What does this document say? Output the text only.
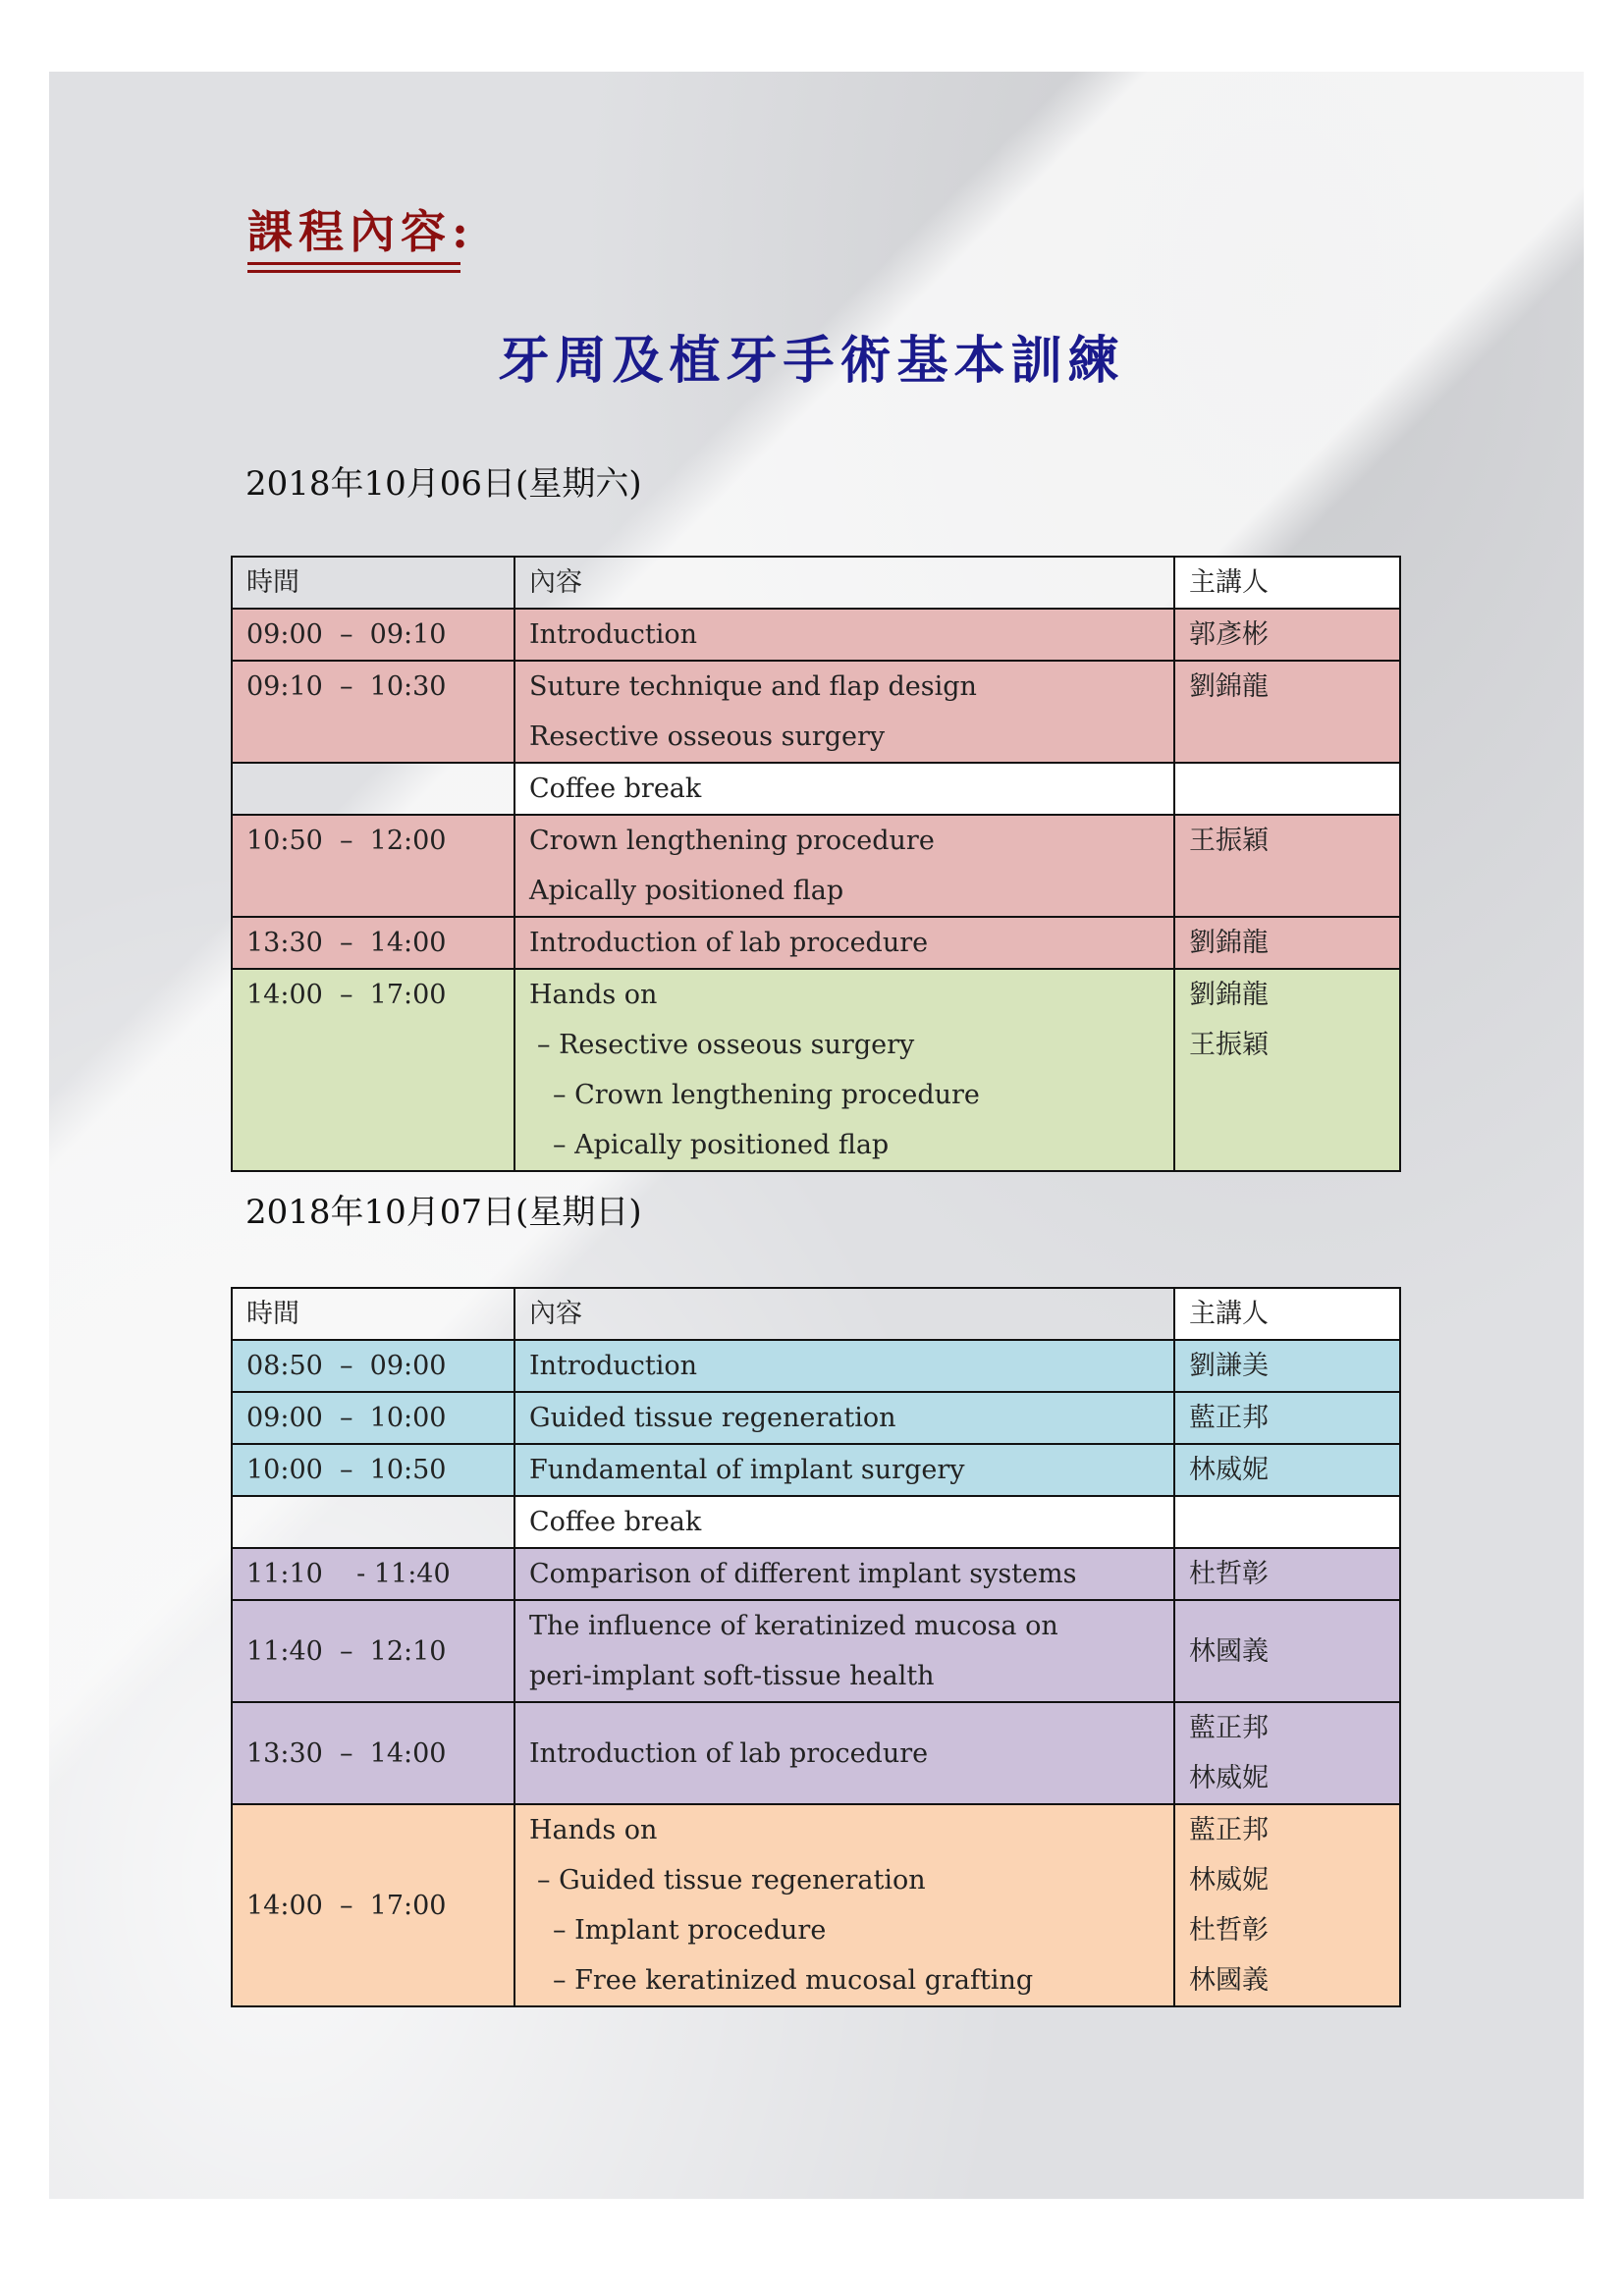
課程內容:
牙周及植牙手術基本訓練
2018年10月06日(星期六)
時間	內容	主講人
09:00  –  09:10	Introduction	郭彥彬

09:10  –  10:30	Suture technique and flap design
Resective osseous surgery	劉錦龍

	Coffee break	

10:50  –  12:00	Crown lengthening procedure
Apically positioned flap	王振穎

13:30  –  14:00	Introduction of lab procedure	劉錦龍

14:00  –  17:00	Hands on
– Resective osseous surgery
– Crown lengthening procedure
– Apically positioned flap	劉錦龍
王振穎
2018年10月07日(星期日)
時間	內容	主講人
08:50  –  09:00	Introduction	劉謙美

09:00  –  10:00	Guided tissue regeneration	藍正邦

10:00  –  10:50	Fundamental of implant surgery	林威妮

	Coffee break	

11:10    - 11:40	Comparison of different implant systems	杜哲彰

11:40  –  12:10	The influence of keratinized mucosa on
peri-implant soft-tissue health	林國義

13:30  –  14:00	Introduction of lab procedure	藍正邦
林威妮

14:00  –  17:00	Hands on
– Guided tissue regeneration
– Implant procedure
– Free keratinized mucosal grafting	藍正邦
林威妮
杜哲彰
林國義
